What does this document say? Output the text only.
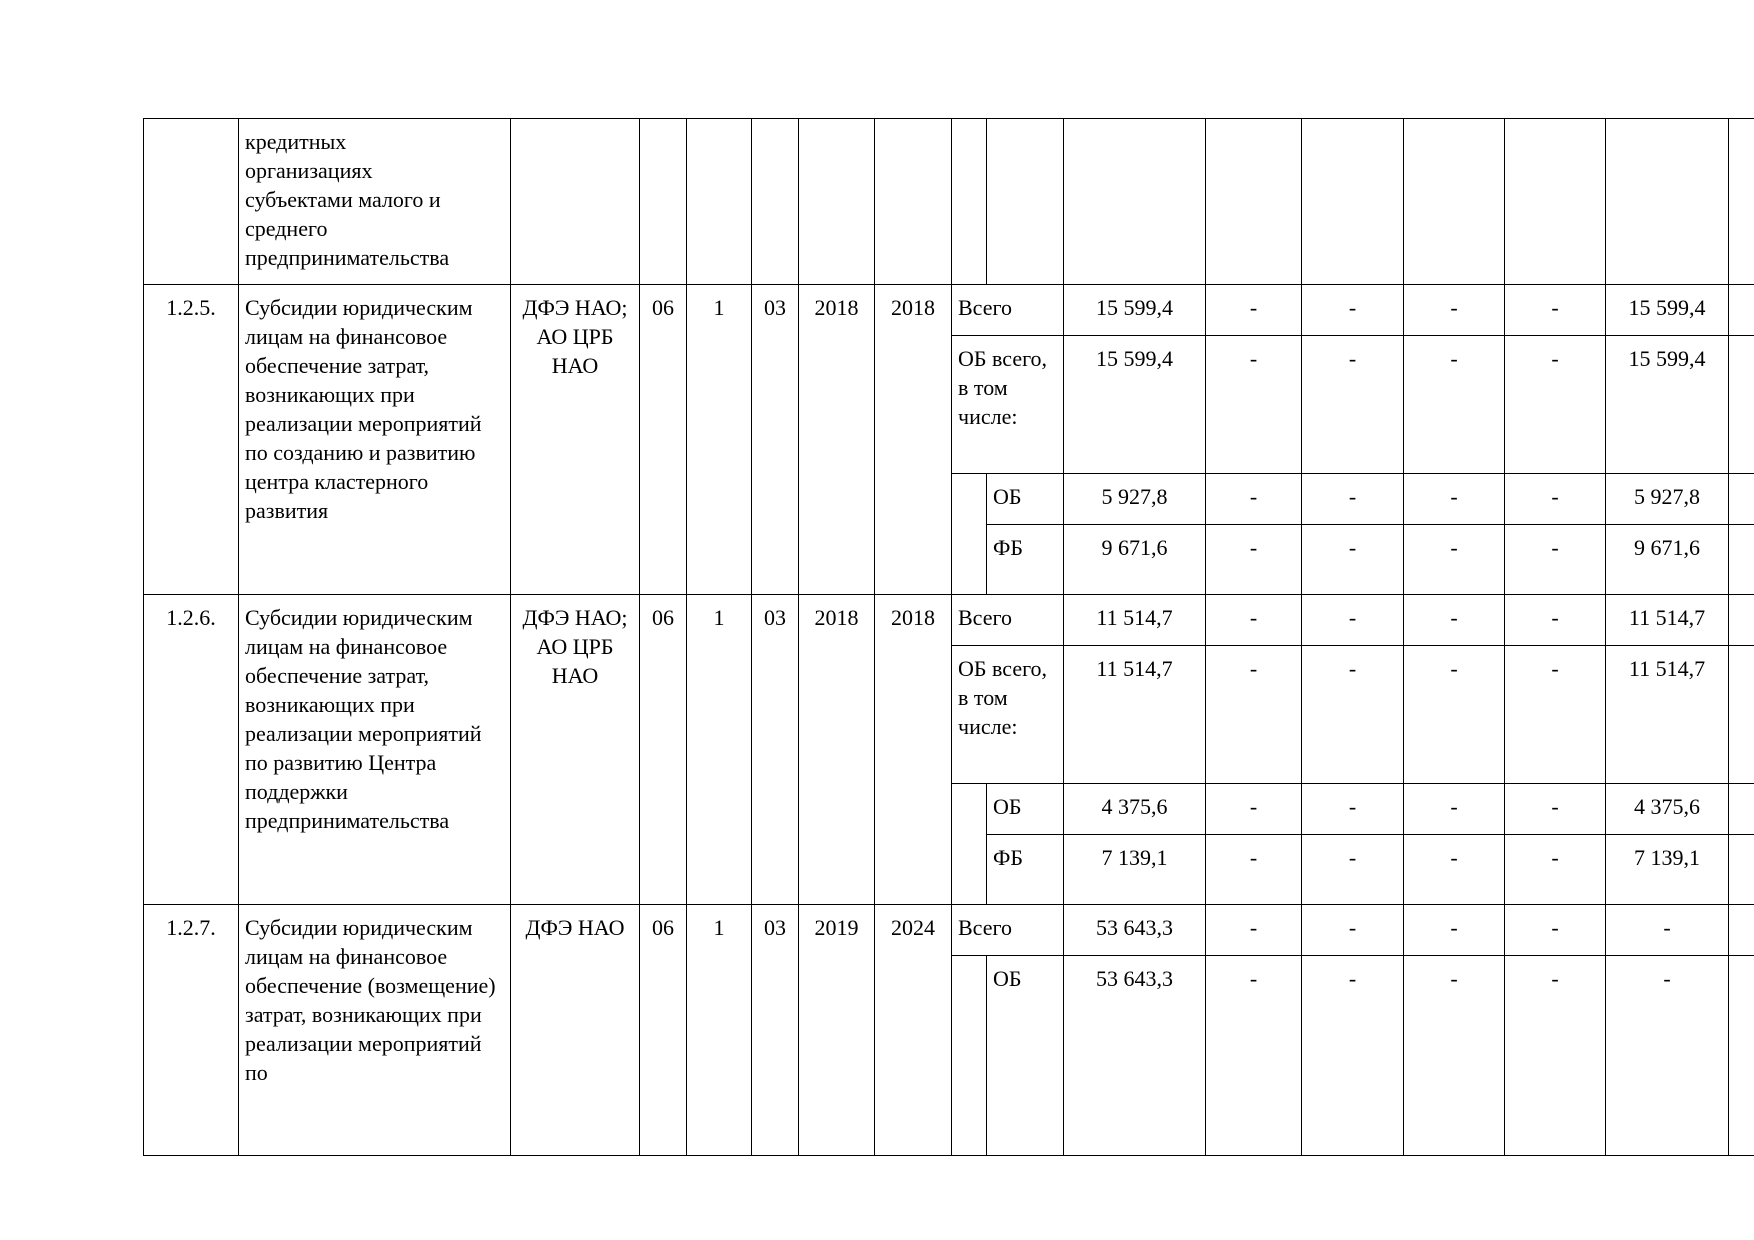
	кредитных
организациях
субъектами малого и
среднего
предпринимательства															
1.2.5.	Субсидии юридическим лицам на финансовое обеспечение затрат, возникающих при реализации мероприятий по созданию и развитию центра кластерного развития	ДФЭ НАО; АО ЦРБ НАО	06	1	03	2018	2018	Всего		15 599,4	-	-	-	-	15 599,4	
								ОБ всего, в том числе:		15 599,4	-	-	-	-	15 599,4	
									ОБ	5 927,8	-	-	-	-	5 927,8	
									ФБ	9 671,6	-	-	-	-	9 671,6	
1.2.6.	Субсидии юридическим лицам на финансовое обеспечение затрат, возникающих при реализации мероприятий по развитию Центра поддержки предпринимательства	ДФЭ НАО; АО ЦРБ НАО	06	1	03	2018	2018	Всего		11 514,7	-	-	-	-	11 514,7	
								ОБ всего, в том числе:		11 514,7	-	-	-	-	11 514,7	
									ОБ	4 375,6	-	-	-	-	4 375,6	
									ФБ	7 139,1	-	-	-	-	7 139,1	
1.2.7.	Субсидии юридическим лицам на финансовое обеспечение (возмещение) затрат, возникающих при реализации мероприятий по	ДФЭ НАО	06	1	03	2019	2024	Всего		53 643,3	-	-	-	-	-	
									ОБ	53 643,3	-	-	-	-	-	
